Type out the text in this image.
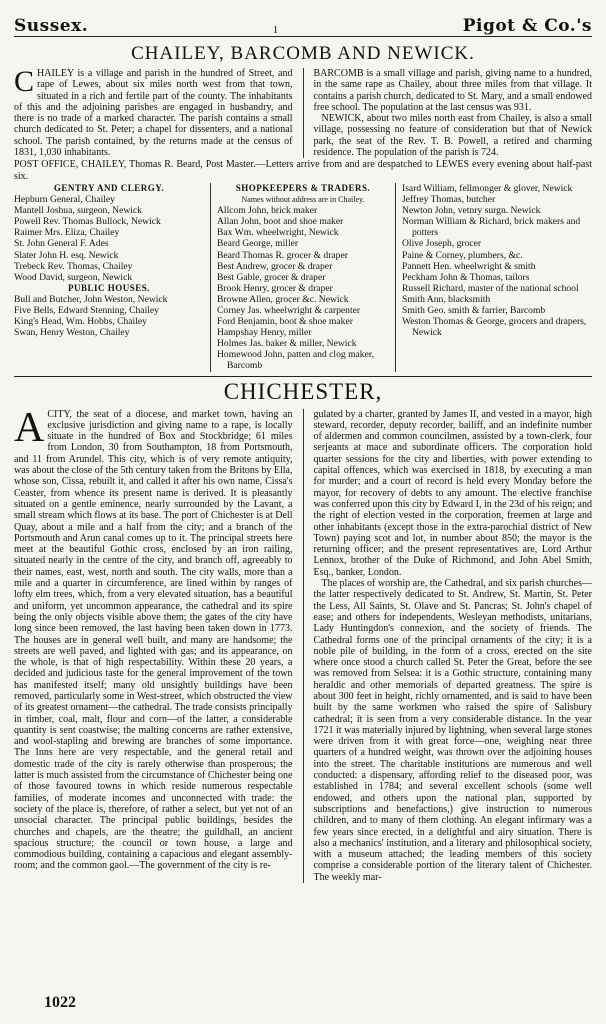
Sussex.	1	Pigot & Co.'s
CHAILEY, BARCOMB AND NEWICK.

CHAILEY is a village and parish in the hundred of Street, and rape of Lewes, about six miles north west from that town, situated in a rich and fertile part of the county. The inhabitants of this and the adjoining parishes are engaged in husbandry, and there is no trade of a marked character. The parish contains a small church dedicated to St. Peter; a chapel for dissenters, and a national school. The parish contained, by the returns made at the census of 1831, 1,030 inhabitants.

BARCOMB is a small village and parish, giving name to a hundred, in the same rape as Chailey, about three miles from that village. It contains a parish church, dedicated to St. Mary, and a small endowed free school. The population at the last census was 931.

NEWICK, about two miles north east from Chailey, is also a small village, possessing no feature of consideration but that of Newick park, the seat of the Rev. T. B. Powell, a retired and charming residence. The population of the parish is 724.

POST OFFICE, CHAILEY, Thomas R. Beard, Post Master.—Letters arrive from and are despatched to LEWES every evening about half-past six.
GENTRY AND CLERGY.
Hepburn General, Chailey
Mantell Joshua, surgeon, Newick
Powell Rev. Thomas Bullock, Newick
Raimer Mrs. Eliza, Chailey
St. John General F. Ades
Slater John H. esq. Newick
Trebeck Rev. Thomas, Chailey
Wood David, surgeon, Newick
PUBLIC HOUSES.
Bull and Butcher, John Weston, Newick
Five Bells, Edward Stenning, Chailey
King's Head, Wm. Hobbs, Chailey
Swan, Henry Weston, Chailey
SHOPKEEPERS & TRADERS.
Names without address are in Chailey.
Allcom John, brick maker
Allan John, boot and shoe maker
Bax Wm. wheelwright, Newick
Beard George, miller
Beard Thomas R. grocer & draper
Best Andrew, grocer & draper
Best Gable, grocer & draper
Brook Henry, grocer & draper
Browne Allen, grocer &c. Newick
Corney Jas. wheelwright & carpenter
Ford Benjamin, boot & shoe maker
Hampshay Henry, miller
Holmes Jas. baker & miller, Newick
Homewood John, patten and clog maker, Barcomb
Isard William, fellmonger & glover, Newick
Jeffrey Thomas, butcher
Newton John, vetnry surgn. Newick
Norman William & Richard, brick makers and potters
Olive Joseph, grocer
Paine & Corney, plumbers, &c.
Pannett Hen. wheelwright & smith
Peckham John & Thomas, tailors
Russell Richard, master of the national school
Smith Ann, blacksmith
Smith Geo. smith & farrier, Barcomb
Weston Thomas & George, grocers and drapers, Newick
CHICHESTER,

A CITY, the seat of a diocese, and market town, having an exclusive jurisdiction and giving name to a rape, is locally situate in the hundred of Box and Stockbridge; 61 miles from London, 30 from Southampton, 18 from Portsmouth, and 11 from Arundel. This city, which is of very remote antiquity, was about the close of the 5th century taken from the Britons by Ella, whose son, Cissa, rebuilt it, and called it after his own name, Cissa's Ceaster, from whence its present name is derived. It is pleasantly situated on a gentle eminence, nearly surrounded by the Lavant, a small stream which flows at its base. The port of Chichester is at Dell Quay, about a mile and a half from the city; and a branch of the Portsmouth and Arun canal comes up to it. The principal streets here meet at the beautiful Gothic cross, enclosed by an iron railing, situated nearly in the centre of the city, and branch off, agreeably to their names, east, west, north and south. The city walls, more than a mile and a quarter in circumference, are lined within by ranges of lofty elm trees, which, from a very elevated situation, has a beautiful and uniform, yet uncommon appearance, the cathedral and its spire being the only objects visible above them; the gates of the city have long since been removed, the last having been taken down in 1773. The houses are in general well built, and many are handsome; the streets are well paved, and lighted with gas; and its appearance, on the whole, is that of high respectability. Within these 20 years, a decided and judicious taste for the general improvement of the town has manifested itself; many old unsightly buildings have been removed, particularly some in West-street, which obstructed the view of its greatest ornament—the cathedral. The trade consists principally in timber, coal, malt, flour and corn—of the latter, a considerable quantity is sent coastwise; the malting concerns are rather extensive, and wool-stapling and brewing are branches of some importance. The Inns here are very respectable, and the general retail and domestic trade of the city is rarely otherwise than prosperous; the latter is much assisted from the circumstance of Chichester being one of those favoured towns in which reside numerous respectable families, of moderate incomes and unconnected with trade: the society of the place is, therefore, of rather a select, but yet not of an unsocial character. The principal public buildings, besides the churches and chapels, are the theatre; the guildhall, an ancient spacious structure; the council or town house, a large and commodious building, containing a capacious and elegant assembly-room; and the common gaol.—The government of the city is re-

gulated by a charter, granted by James II, and vested in a mayor, high steward, recorder, deputy recorder, bailiff, and an indefinite number of aldermen and common councilmen, assisted by a town-clerk, four serjeants at mace and subordinate officers. The corporation hold quarter sessions for the city and liberties, with power extending to capital offences, which was exercised in 1818, by executing a man for murder; and a court of record is held every Monday before the mayor, for recovery of debts to any amount. The elective franchise was conferred upon this city by Edward I, in the 23d of his reign; and the right of election vested in the corporation, freemen at large and other inhabitants (except those in the extra-parochial district of New Town) paying scot and lot, in number about 850; the mayor is the returning officer; and the present representatives are, Lord Arthur Lennox, brother of the Duke of Richmond, and John Abel Smith, Esq., banker, London.

The places of worship are, the Cathedral, and six parish churches—the latter respectively dedicated to St. Andrew, St. Martin, St. Peter the Less, All Saints, St. Olave and St. Pancras; St. John's chapel of ease; and others for independents, Wesleyan methodists, unitarians, Lady Huntingdon's connexion, and the society of friends. The Cathedral forms one of the principal ornaments of the city; it is a noble pile of building, in the form of a cross, erected on the site where once stood a church called St. Peter the Great, before the see was removed from Selsea: it is a Gothic structure, containing many heraldic and other memorials of departed greatness. The spire is about 300 feet in height, richly ornamented, and is said to have been built by the same workmen who raised the spire of Salisbury cathedral; it is seen from a very considerable distance. In the year 1721 it was materially injured by lightning, when several large stones were driven from it with great force—one, weighing near three quarters of a hundred weight, was thrown over the adjoining houses into the street. The charitable institutions are numerous and well conducted: a dispensary, affording relief to the diseased poor, was established in 1784; and several excellent schools (some well endowed, and others upon the national plan, supported by subscriptions and benefactions,) give instruction to numerous children, and to many of them clothing. An elegant infirmary was a few years since erected, in a delightful and airy situation. There is also a mechanics' institution, and a literary and philosophical society, with a museum attached; the leading members of this society comprise a considerable portion of the literary talent of Chichester. The weekly mar-

1022
